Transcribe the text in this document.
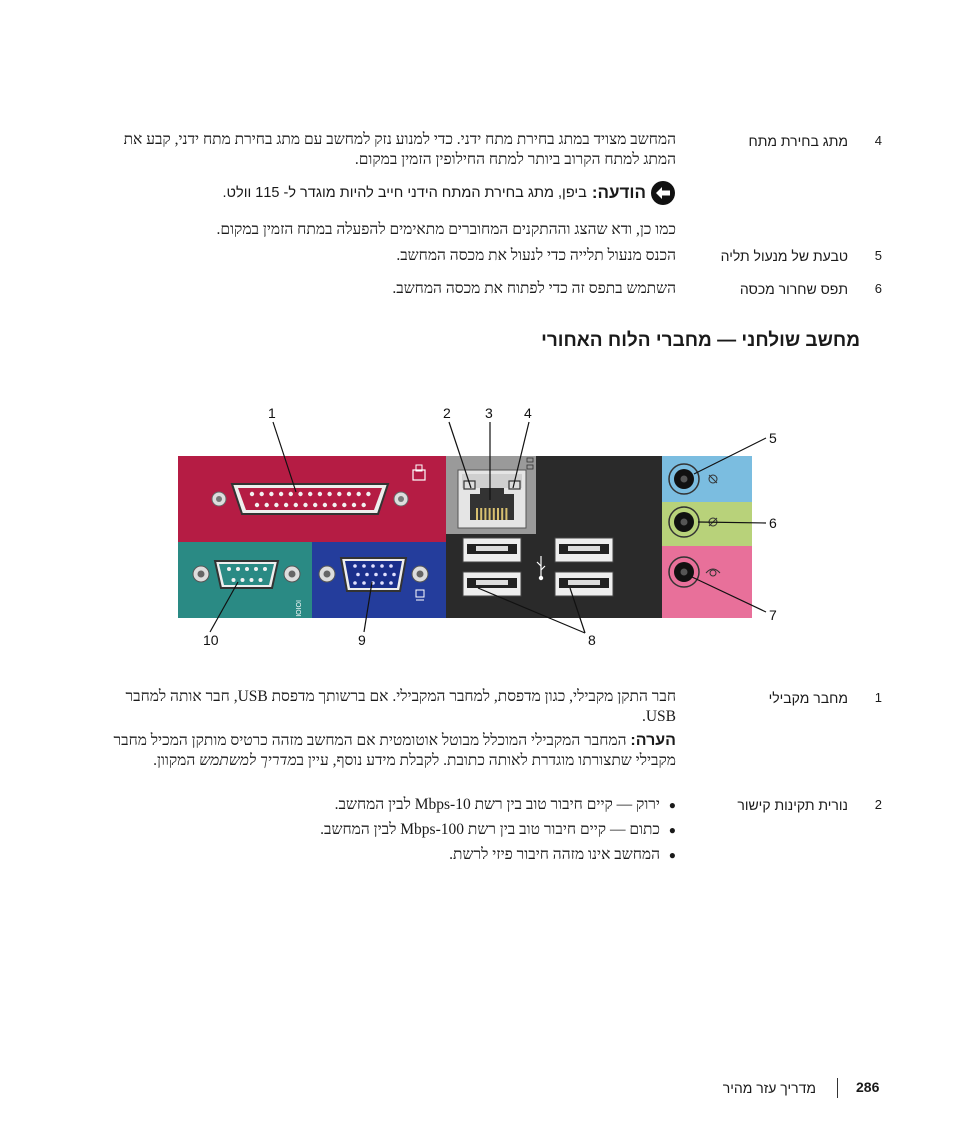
4
מתג בחירת מתח
המחשב מצויד במתג בחירת מתח ידני. כדי למנוע נזק למחשב עם מתג בחירת מתח ידני, קבע את המתג למתח הקרוב ביותר למתח החילופין הזמין במקום.
הודעה:
ביפן, מתג בחירת המתח הידני חייב להיות מוגדר ל- 115 וולט.
כמו כן, ודא שהצג וההתקנים המחוברים מתאימים להפעלה במתח הזמין במקום.
5
טבעת של מנעול תליה
הכנס מנעול תלייה כדי לנעול את מכסה המחשב.
6
תפס שחרור מכסה
השתמש בתפס זה כדי לפתוח את מכסה המחשב.
מחשב שולחני — מחברי הלוח האחורי
IOIOI
1	2 3 4
5
6
7
8
9
10
1
מחבר מקבילי
חבר התקן מקבילי, כגון מדפסת, למחבר המקבילי. אם ברשותך מדפסת USB, חבר אותה למחבר USB.
הערה: המחבר המקבילי המוכלל מבוטל אוטומטית אם המחשב מזהה כרטיס מותקן המכיל מחבר מקבילי שתצורתו מוגדרת לאותה כתובת. לקבלת מידע נוסף, עיין במדריך למשתמש המקוון.
2
נורית תקינות קישור
●
ירוק — קיים חיבור טוב בין רשת 10-Mbps לבין המחשב.
●
כתום — קיים חיבור טוב בין רשת 100-Mbps לבין המחשב.
●
המחשב אינו מזהה חיבור פיזי לרשת.
286
מדריך עזר מהיר
